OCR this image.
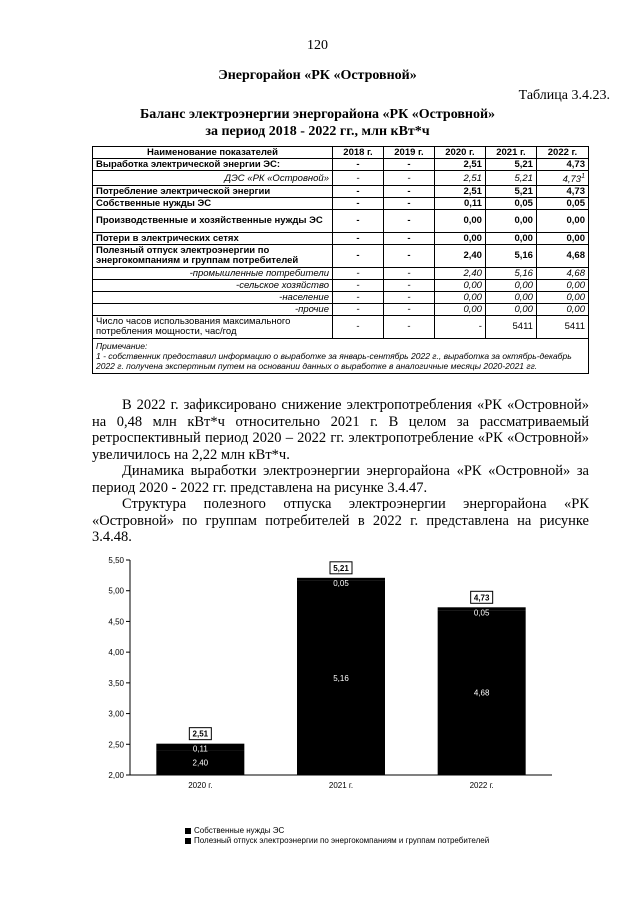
120
Энергорайон «РК «Островной»
Таблица 3.4.23.
Баланс электроэнергии энергорайона «РК «Островной»
за период 2018 - 2022 гг., млн кВт*ч
Наименование показателей	2018 г.	2019 г.	2020 г.	2021 г.	2022 г.
Выработка электрической энергии ЭС:	-	-	2,51	5,21	4,73
ДЭС «РК «Островной»	-	-	2,51	5,21	4,73$^1$
Потребление электрической энергии	-	-	2,51	5,21	4,73
Собственные нужды ЭС	-	-	0,11	0,05	0,05
Производственные и хозяйственные нужды ЭС	-	-	0,00	0,00	0,00
Потери в электрических сетях	-	-	0,00	0,00	0,00
Полезный отпуск электроэнергии по энергокомпаниям и группам потребителей	-	-	2,40	5,16	4,68
-промышленные потребители	-	-	2,40	5,16	4,68
-сельское хозяйство	-	-	0,00	0,00	0,00
-население	-	-	0,00	0,00	0,00
-прочие	-	-	0,00	0,00	0,00
Число часов использования максимального потребления мощности, час/год	-	-	-	5411	5411

Примечание:
1 - собственник предоставил информацию о выработке за январь-сентябрь 2022 г., выработка за октябрь-декабрь 2022 г. получена экспертным путем на основании данных о выработке в аналогичные месяцы 2020-2021 гг.					
В 2022 г. зафиксировано снижение электропотребления «РК «Островной» на 0,48 млн кВт*ч относительно 2021 г. В целом за рассматриваемый ретроспективный период 2020 – 2022 гг. электропотребление «РК «Островной» увеличилось на 2,22 млн кВт*ч.
Динамика выработки электроэнергии энергорайона «РК «Островной» за период 2020 - 2022 гг. представлена на рисунке 3.4.47.
Структура полезного отпуска электроэнергии энергорайона «РК «Островной» по группам потребителей в 2022 г. представлена на рисунке 3.4.48.
2,00
2,50
3,00
3,50
4,00
4,50
5,00
5,50
2,40
0,11
2,51
2020 г.
5,16
0,05
5,21
2021 г.
4,68
0,05
4,73
2022 г.
Собственные нужды ЭС
Полезный отпуск электроэнергии по энергокомпаниям и группам потребителей
